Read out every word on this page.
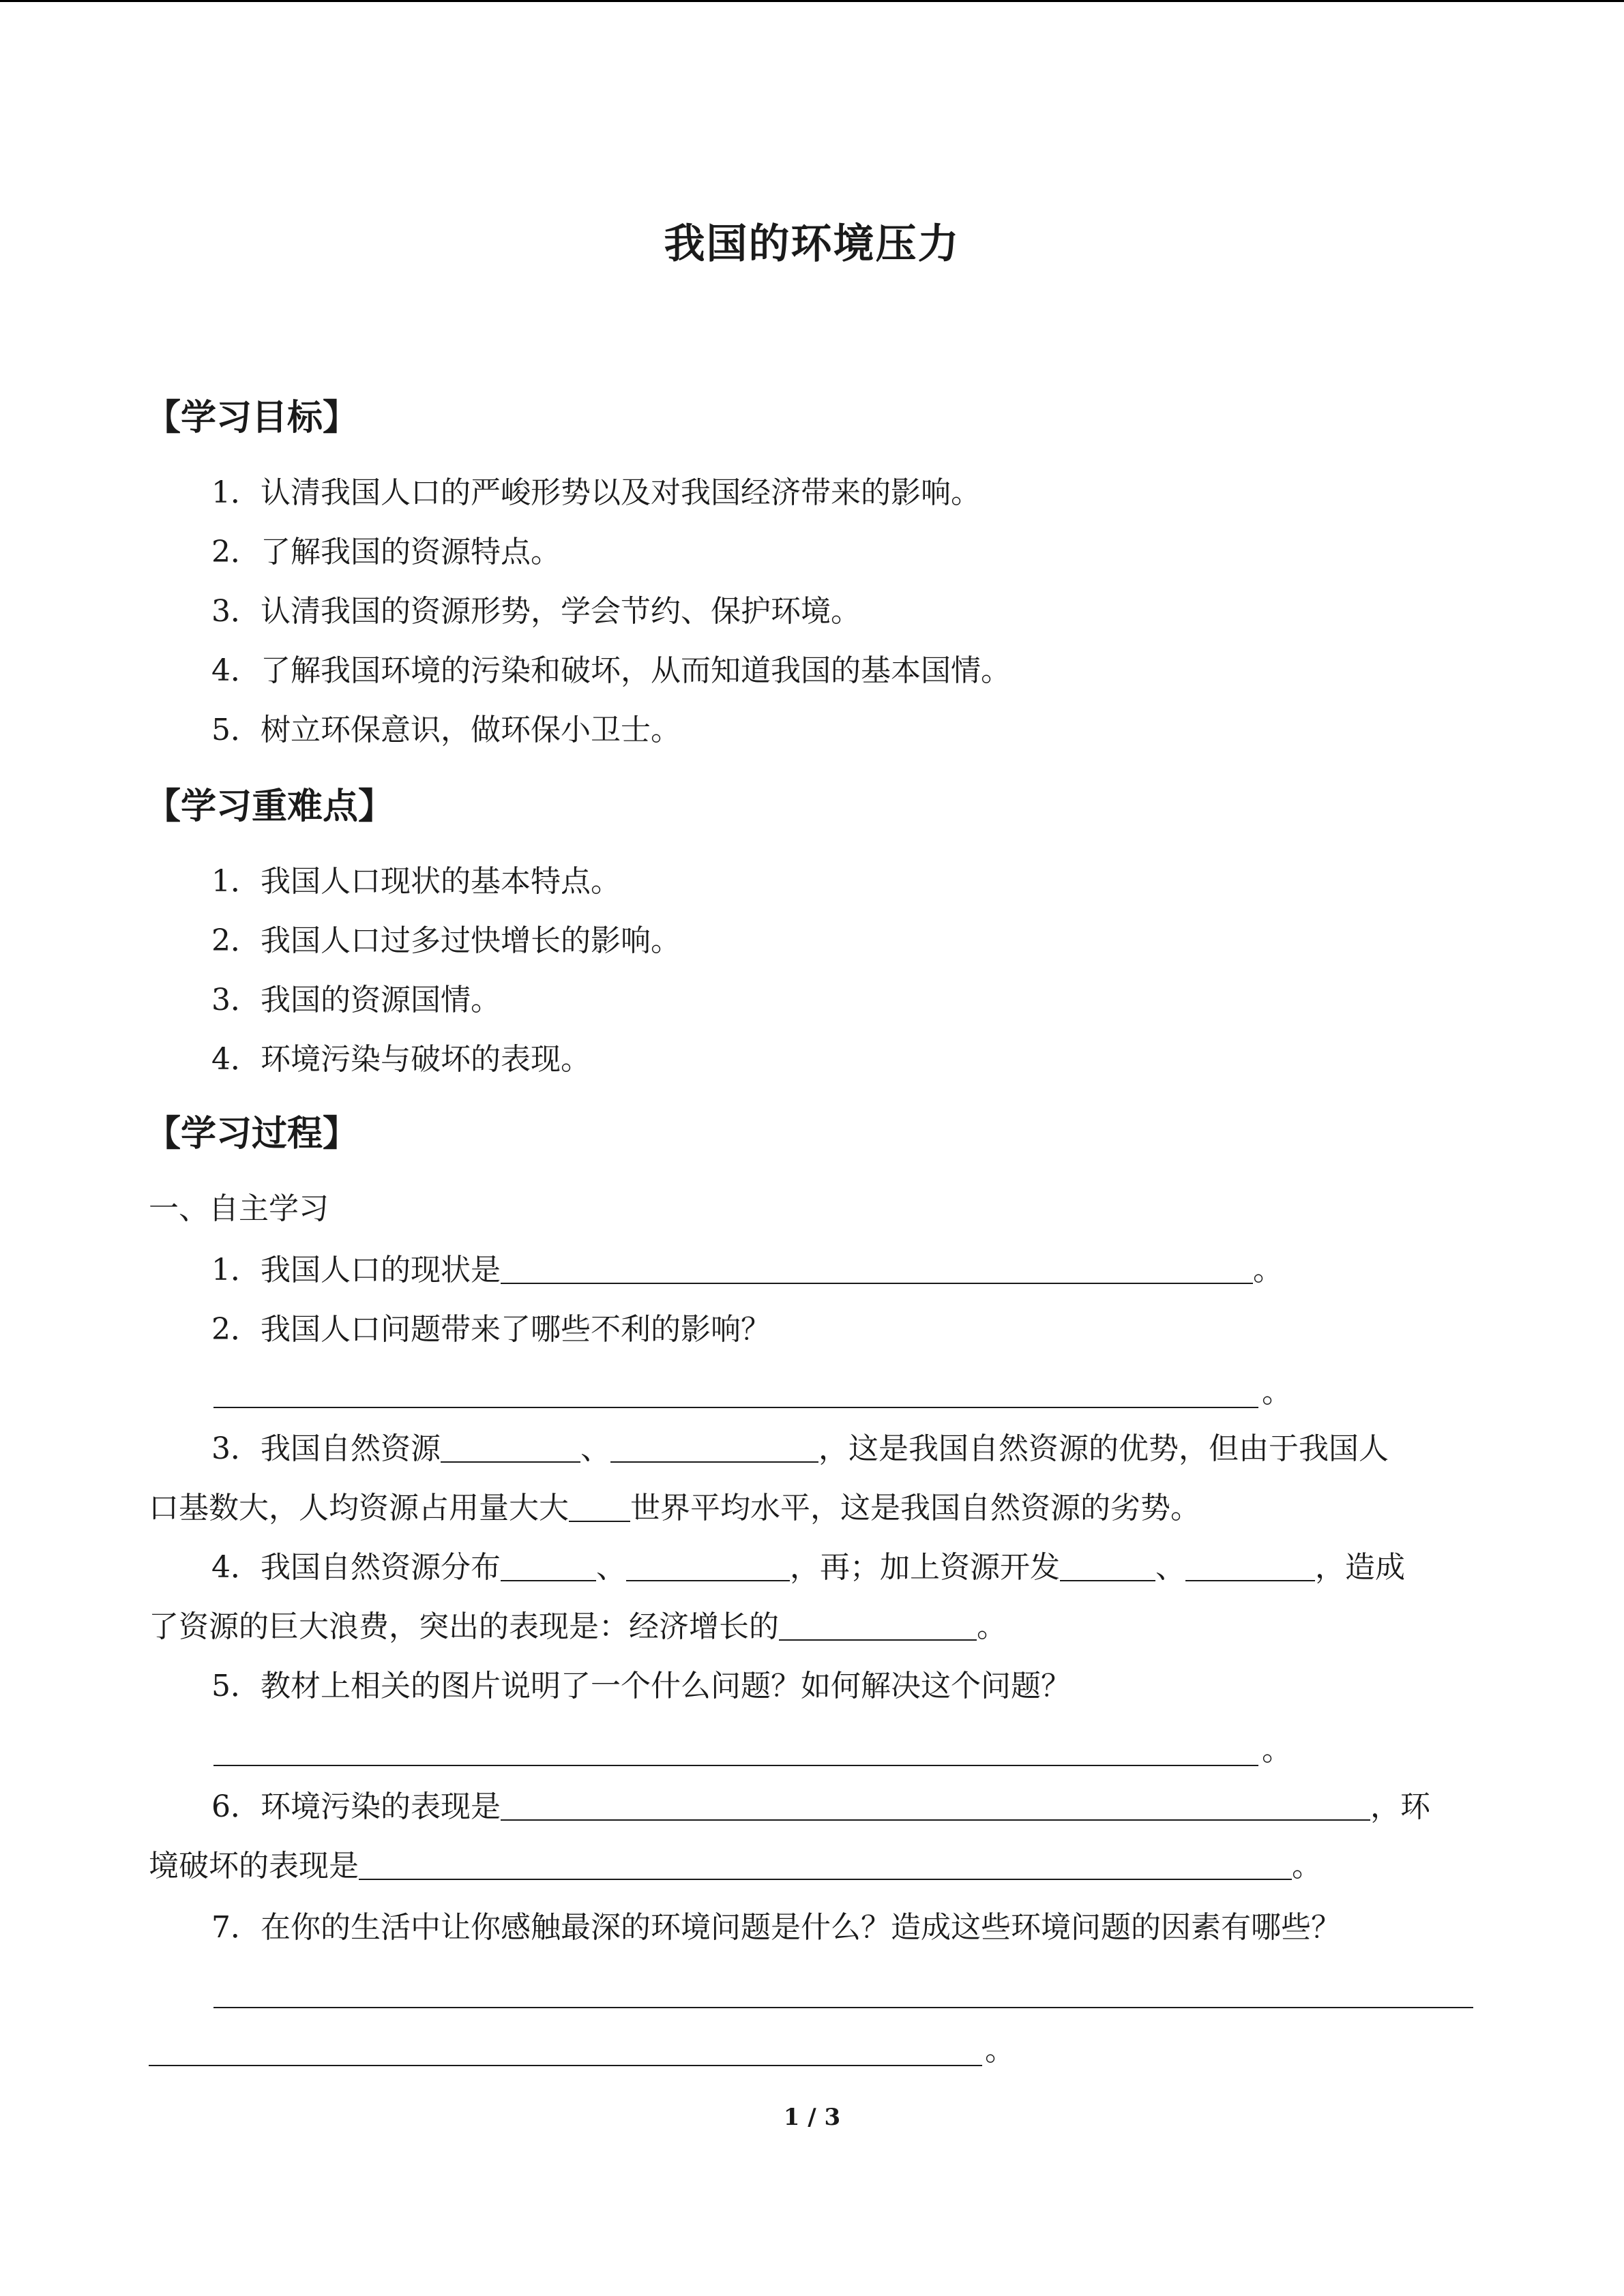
我国的环境压力
【学习目标】
1．认清我国人口的严峻形势以及对我国经济带来的影响。
2．了解我国的资源特点。
3．认清我国的资源形势，学会节约、保护环境。
4．了解我国环境的污染和破坏，从而知道我国的基本国情。
5．树立环保意识，做环保小卫士。
【学习重难点】
1．我国人口现状的基本特点。
2．我国人口过多过快增长的影响。
3．我国的资源国情。
4．环境污染与破坏的表现。
【学习过程】
一、自主学习
1．我国人口的现状是	。
2．我国人口问题带来了哪些不利的影响？
。
3．我国自然资源	、	，这是我国自然资源的优势，但由于我国人
口基数大，人均资源占用量大大 世界平均水平，这是我国自然资源的劣势。
4．我国自然资源分布	、	，再；加上资源开发	、	，造成
了资源的巨大浪费，突出的表现是：经济增长的	。
5．教材上相关的图片说明了一个什么问题？如何解决这个问题？
。
6．环境污染的表现是	，环
境破坏的表现是	。
7．在你的生活中让你感触最深的环境问题是什么？造成这些环境问题的因素有哪些？
。
1 / 3
